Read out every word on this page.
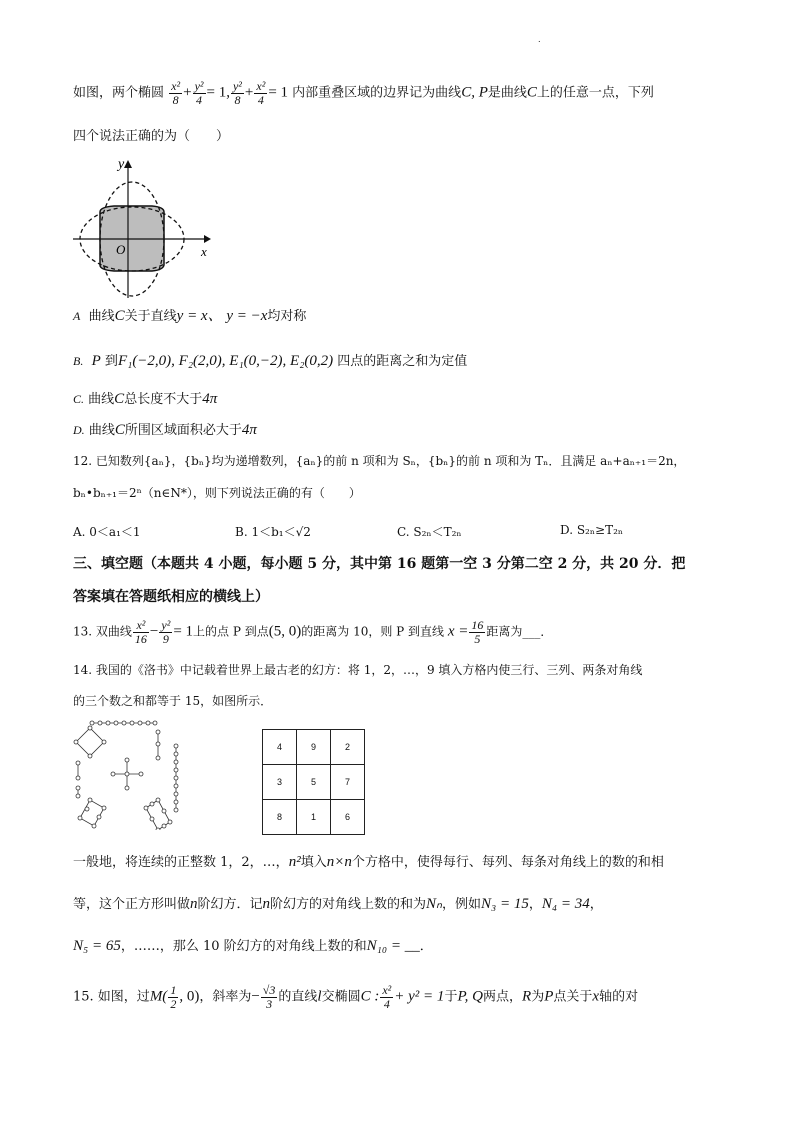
.
如图，两个椭圆 $\frac{\text{x²}}{8} + \frac{\text{y²}}{4} = 1$, $\frac{\text{y²}}{8} + \frac{\text{x²}}{4} = 1$ 内部重叠区域的边界记为曲线C, P是曲线C上的任意一点，下列
四个说法正确的为（　　）
y
x
O
A 曲线C关于直线y = x、 y = −x均对称
B. P 到F₁(−2,0), F₂(2,0), E₁(0,−2), E₂(0,2) 四点的距离之和为定值
C. 曲线C总长度不大于4π
D. 曲线C所围区域面积必大于4π
12. 已知数列{aₙ}，{bₙ}均为递增数列，{aₙ}的前 n 项和为 Sₙ，{bₙ}的前 n 项和为 Tₙ．且满足 aₙ+aₙ₊₁＝2n，
bₙ•bₙ₊₁＝2ⁿ（n∈N*），则下列说法正确的有（　　）
A. 0＜a₁＜1	B. 1＜b₁＜√2	C. S₂ₙ＜T₂ₙ	D. S₂ₙ≥T₂ₙ
三、填空题（本题共 4 小题，每小题 5 分，其中第 16 题第一空 3 分第二空 2 分，共 20 分．把
答案填在答题纸相应的横线上）
13. 双曲线 $\frac{\text{x²}}{16} - \frac{\text{y²}}{9} = 1$上的点 P 到点(5, 0)的距离为 10，则 P 到直线 $x = \frac{16}{5}$ 距离为___．
14. 我国的《洛书》中记载着世界上最古老的幻方：将 1，2，…，9 填入方格内使三行、三列、两条对角线
的三个数之和都等于 15，如图所示．
4	9	2
3	5	7
8	1	6
一般地，将连续的正整数 1，2，…，n²填入n×n个方格中，使得每行、每列、每条对角线上的数的和相
等，这个正方形叫做n阶幻方．记n阶幻方的对角线上数的和为Nₙ，例如N₃ = 15，N₄ = 34，
N₅ = 65，……，那么 10 阶幻方的对角线上数的和N₁₀ = __．
15. 如图，过$M( \frac{1}{2}$ , 0)，斜率为− $\frac{√3}{3}$ 的直线l交椭圆C : $\frac{\text{x²}}{4} + y^2 = 1$于P, Q两点，R为P点关于x轴的对
